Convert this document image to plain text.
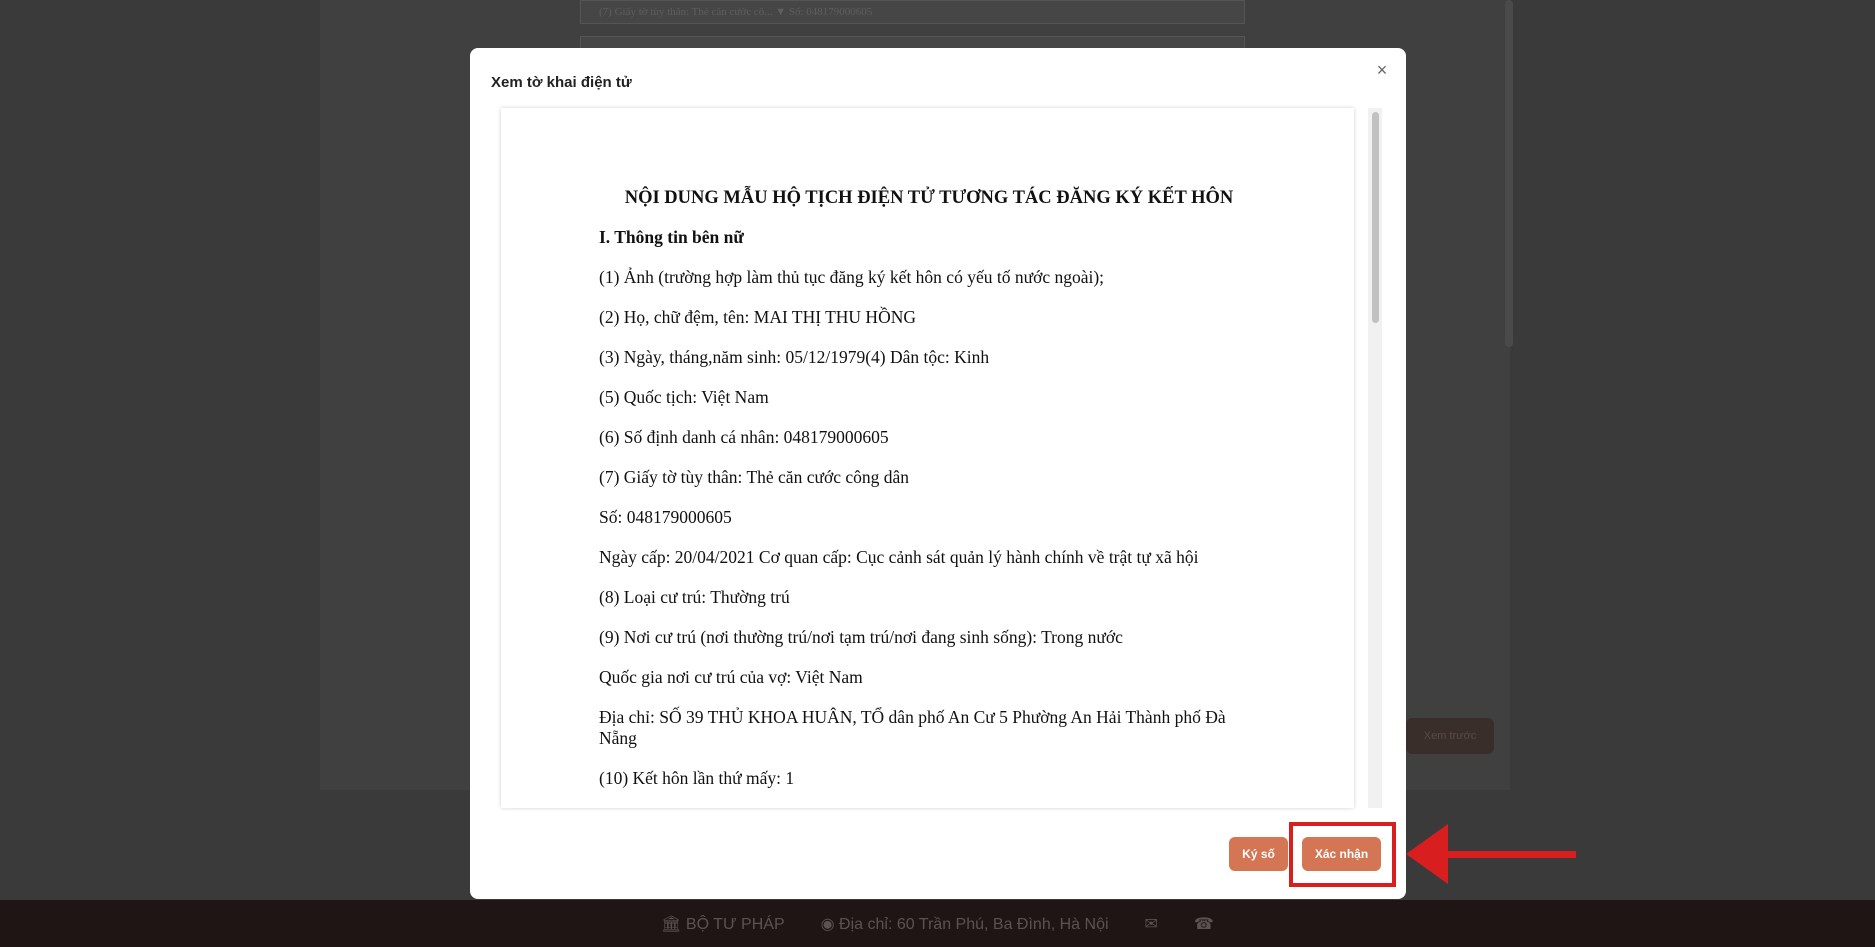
(7) Giấy tờ tùy thân: Thẻ căn cước cô... ▼ Số: 048179000605
Xem trước
🏛 BỘ TƯ PHÁP ◉ Địa chỉ: 60 Trần Phú, Ba Đình, Hà Nội ✉ ☎
Xem tờ khai điện tử
×
NỘI DUNG MẪU HỘ TỊCH ĐIỆN TỬ TƯƠNG TÁC ĐĂNG KÝ KẾT HÔN
I. Thông tin bên nữ
(1) Ảnh (trường hợp làm thủ tục đăng ký kết hôn có yếu tố nước ngoài);
(2) Họ, chữ đệm, tên: MAI THỊ THU HỒNG
(3) Ngày, tháng,năm sinh: 05/12/1979(4) Dân tộc: Kinh
(5) Quốc tịch: Việt Nam
(6) Số định danh cá nhân: 048179000605
(7) Giấy tờ tùy thân: Thẻ căn cước công dân
Số: 048179000605
Ngày cấp: 20/04/2021 Cơ quan cấp: Cục cảnh sát quản lý hành chính về trật tự xã hội
(8) Loại cư trú: Thường trú
(9) Nơi cư trú (nơi thường trú/nơi tạm trú/nơi đang sinh sống): Trong nước
Quốc gia nơi cư trú của vợ: Việt Nam
Địa chỉ: SỐ 39 THỦ KHOA HUÂN, TỔ dân phố An Cư 5 Phường An Hải Thành phố Đà Nẵng
(10) Kết hôn lần thứ mấy: 1
Ký số	Xác nhận
